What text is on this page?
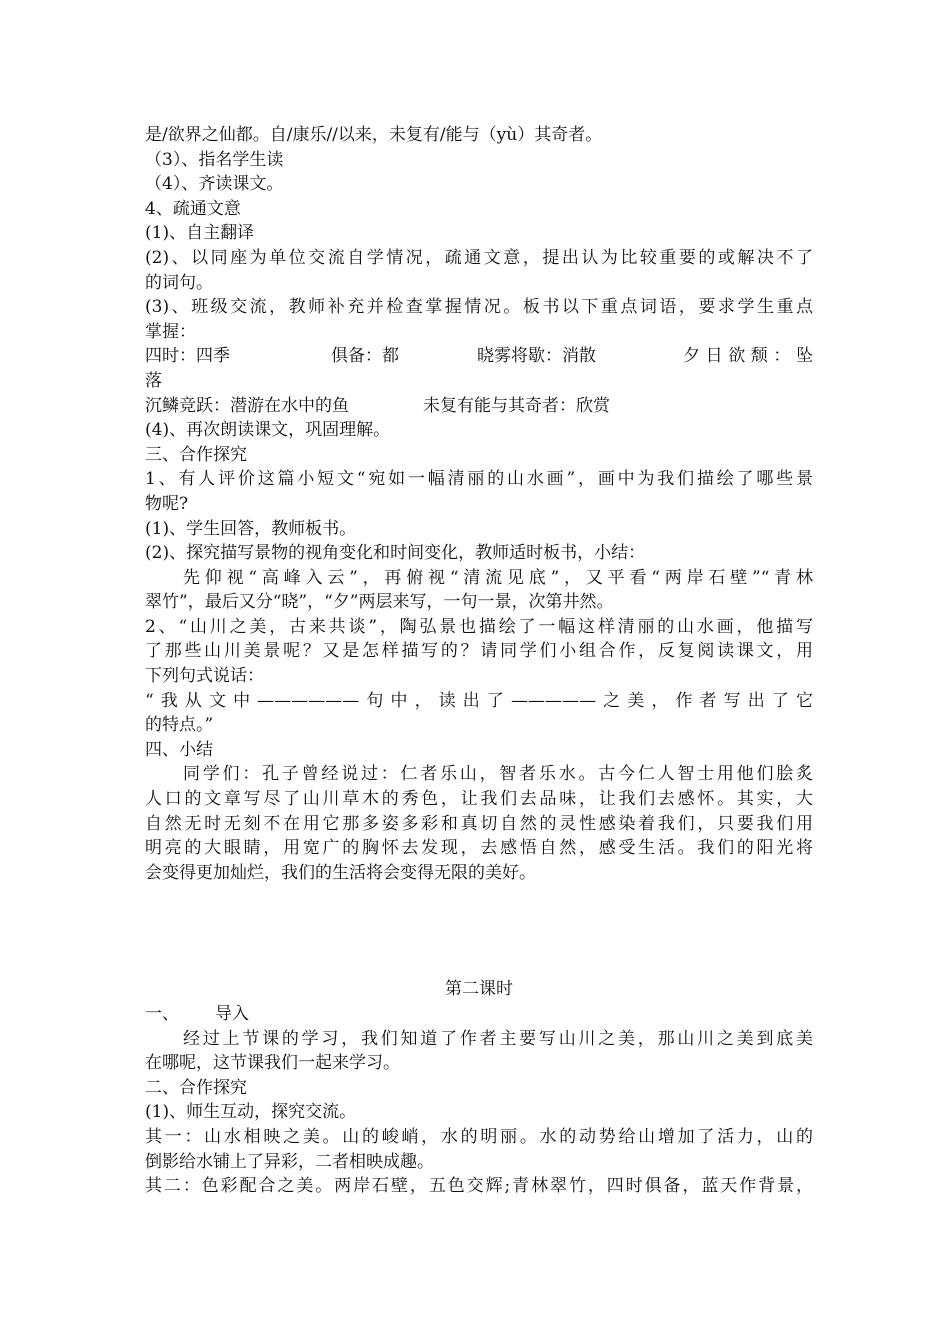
是/欲界之仙都。自/康乐//以来，未复有/能与（yù）其奇者。
（3）、指名学生读
（4）、齐读课文。
4、疏通文意
(1)、自主翻译
(2)、以同座为单位交流自学情况，疏通文意，提出认为比较重要的或解决不了
的词句。
(3)、班级交流，教师补充并检查掌握情况。板书以下重点词语，要求学生重点
掌握：
四时：四季	俱备：都	晓雾将歇：消散	夕日欲颓：坠
落
沉鳞竞跃：潜游在水中的鱼	未复有能与其奇者：欣赏
(4)、再次朗读课文，巩固理解。
三、合作探究
1、有人评价这篇小短文“宛如一幅清丽的山水画”，画中为我们描绘了哪些景
物呢?
(1)、学生回答，教师板书。
(2)、探究描写景物的视角变化和时间变化，教师适时板书，小结：
先仰视“高峰入云”，再俯视“清流见底”，又平看“两岸石壁”“青林
翠竹”，最后又分“晓”，“夕”两层来写，一句一景，次第井然。
2、“山川之美，古来共谈”，陶弘景也描绘了一幅这样清丽的山水画，他描写
了那些山川美景呢？又是怎样描写的？请同学们小组合作，反复阅读课文，用
下列句式说话：
“我从文中——————句中，读出了—————之美，作者写出了它
的特点。”
四、小结
同学们：孔子曾经说过：仁者乐山，智者乐水。古今仁人智士用他们脍炙
人口的文章写尽了山川草木的秀色，让我们去品味，让我们去感怀。其实，大
自然无时无刻不在用它那多姿多彩和真切自然的灵性感染着我们，只要我们用
明亮的大眼睛，用宽广的胸怀去发现，去感悟自然，感受生活。我们的阳光将
会变得更加灿烂，我们的生活将会变得无限的美好。
第二课时
一、 导入
经过上节课的学习，我们知道了作者主要写山川之美，那山川之美到底美
在哪呢，这节课我们一起来学习。
二、合作探究
(1)、师生互动，探究交流。
其一：山水相映之美。山的峻峭，水的明丽。水的动势给山增加了活力，山的
倒影给水铺上了异彩，二者相映成趣。
其二：色彩配合之美。两岸石壁，五色交辉;青林翠竹，四时俱备，蓝天作背景，
